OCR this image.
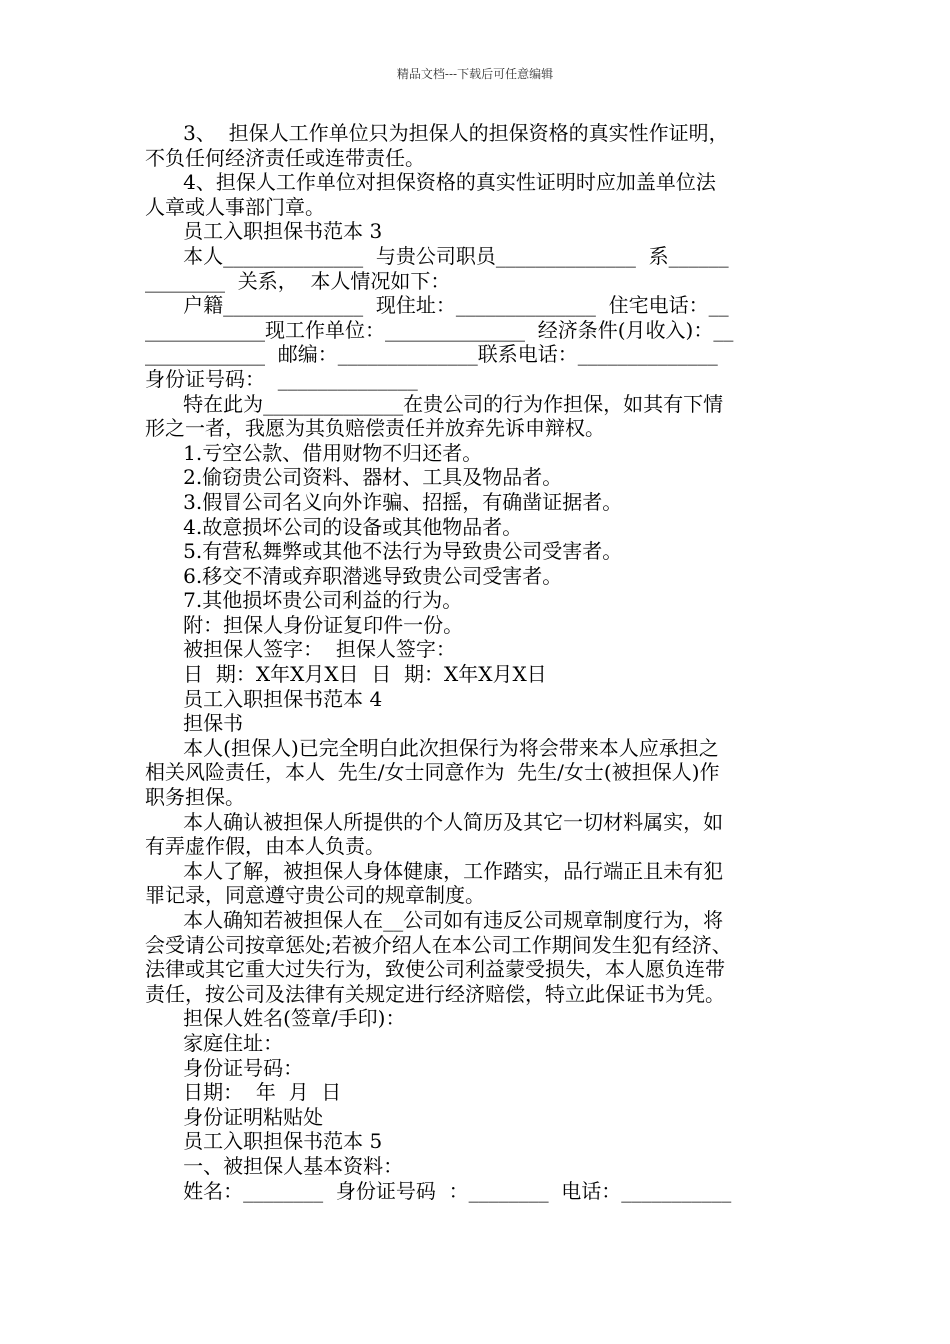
精品文档---下载后可任意编辑
3、  担保人工作单位只为担保人的担保资格的真实性作证明，
不负任何经济责任或连带责任。
4、担保人工作单位对担保资格的真实性证明时应加盖单位法
人章或人事部门章。
员工入职担保书范本 3
本人______________  与贵公司职员______________  系______
________  关系，  本人情况如下：
户籍______________  现住址：______________  住宅电话：__
____________现工作单位：______________  经济条件(月收入)：__
____________  邮编：______________联系电话：______________
身份证号码：  ______________
特在此为______________在贵公司的行为作担保，如其有下情
形之一者，我愿为其负赔偿责任并放弃先诉申辩权。
1.亏空公款、借用财物不归还者。
2.偷窃贵公司资料、器材、工具及物品者。
3.假冒公司名义向外诈骗、招摇，有确凿证据者。
4.故意损坏公司的设备或其他物品者。
5.有营私舞弊或其他不法行为导致贵公司受害者。
6.移交不清或弃职潜逃导致贵公司受害者。
7.其他损坏贵公司利益的行为。
附：担保人身份证复印件一份。
被担保人签字：  担保人签字：
日  期：X年X月X日  日  期：X年X月X日
员工入职担保书范本 4
担保书
本人(担保人)已完全明白此次担保行为将会带来本人应承担之
相关风险责任，本人  先生/女士同意作为  先生/女士(被担保人)作
职务担保。
本人确认被担保人所提供的个人简历及其它一切材料属实，如
有弄虚作假，由本人负责。
本人了解，被担保人身体健康，工作踏实，品行端正且未有犯
罪记录，同意遵守贵公司的规章制度。
本人确知若被担保人在__公司如有违反公司规章制度行为，将
会受请公司按章惩处;若被介绍人在本公司工作期间发生犯有经济、
法律或其它重大过失行为，致使公司利益蒙受损失，本人愿负连带
责任，按公司及法律有关规定进行经济赔偿，特立此保证书为凭。
担保人姓名(签章/手印)：
家庭住址：
身份证号码：
日期：  年  月  日
身份证明粘贴处
员工入职担保书范本 5
一、被担保人基本资料：
姓名：________  身份证号码  ：________  电话：___________
